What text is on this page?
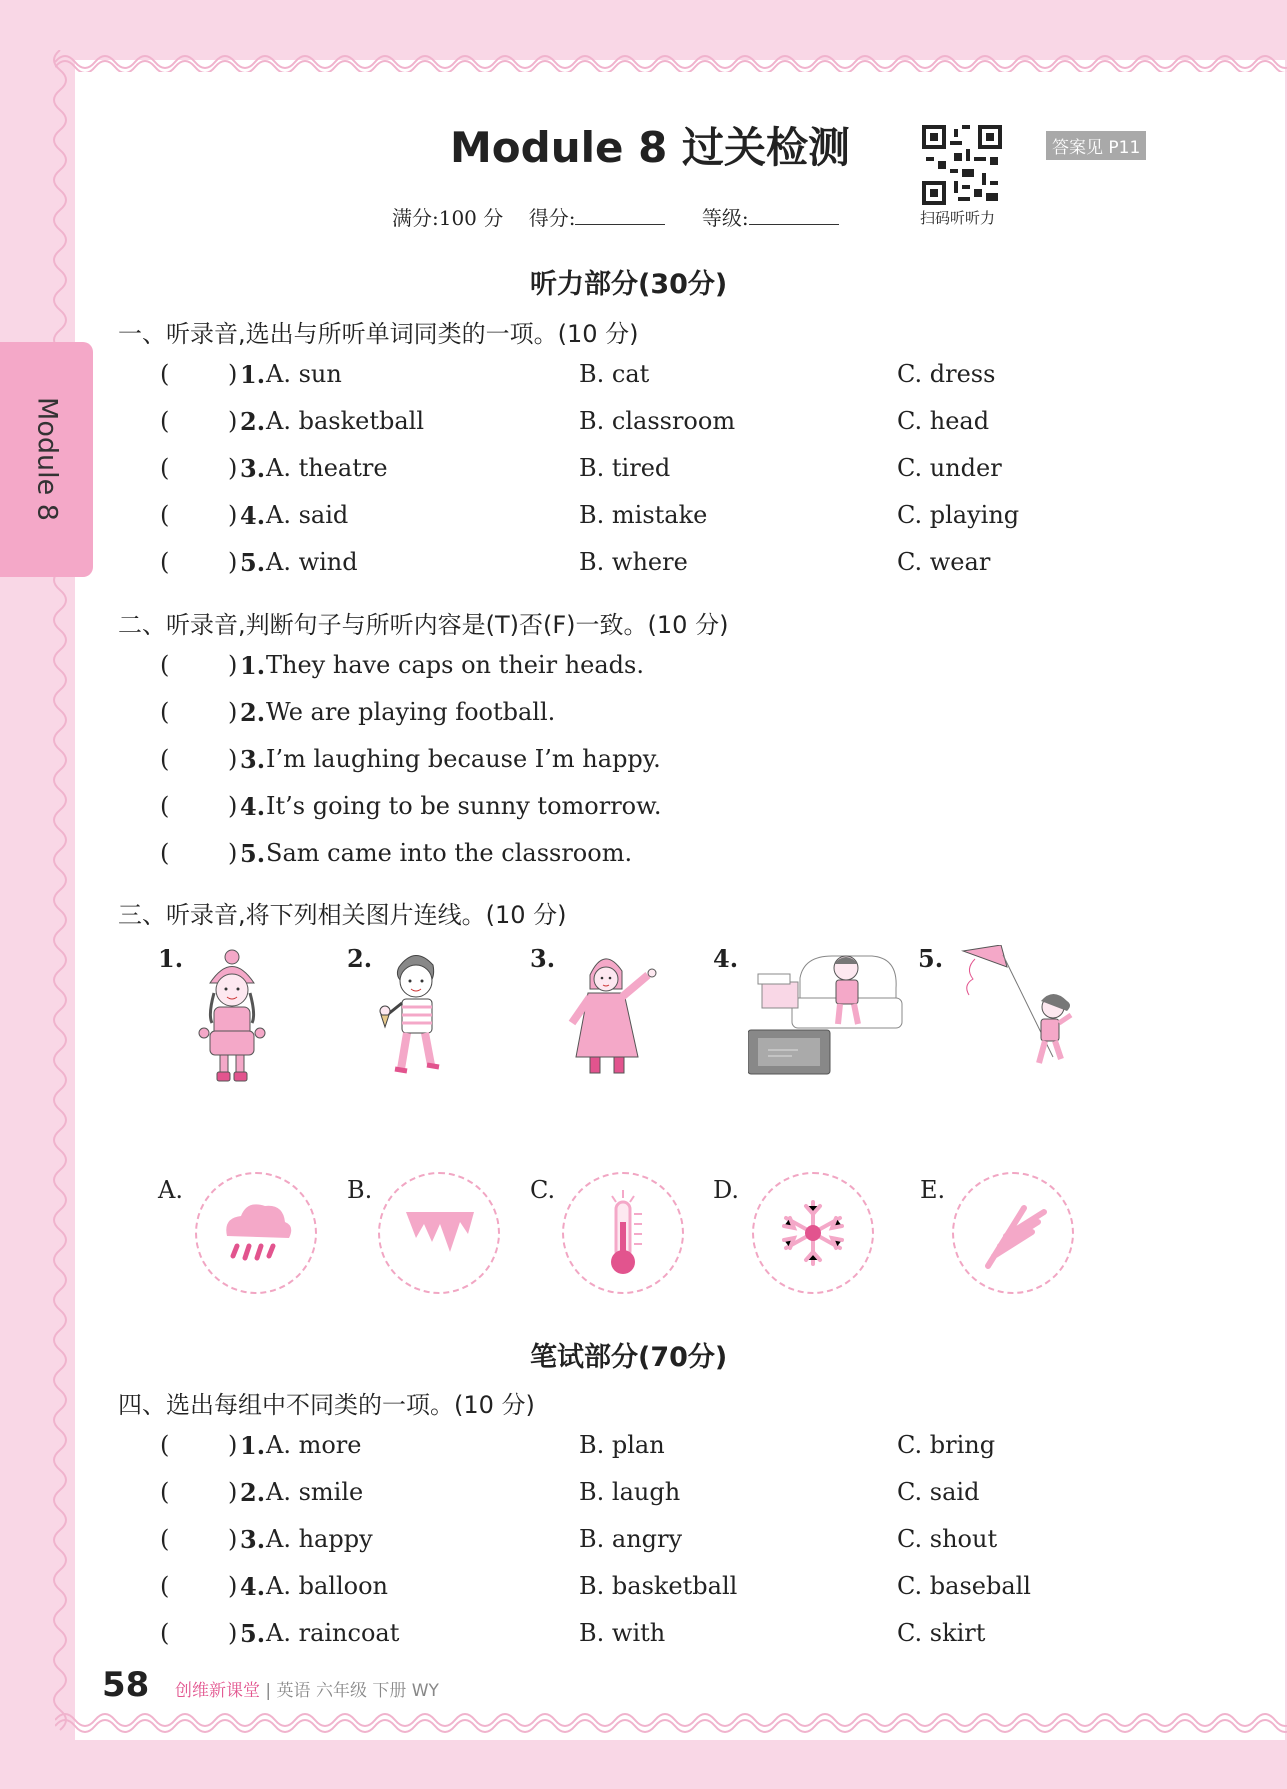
Module 8
Module 8 过关检测
扫码听听力
答案见 P11
满分:100 分 得分:	等级:
听力部分(30分)
一、听录音,选出与所听单词同类的一项。(10 分)
( ) 1. A. sun	B. cat	C. dress
( ) 2. A. basketball	B. classroom	C. head
( ) 3. A. theatre	B. tired	C. under
( ) 4. A. said	B. mistake	C. playing
( ) 5. A. wind	B. where	C. wear
二、听录音,判断句子与所听内容是(T)否(F)一致。(10 分)
( ) 1. They have caps on their heads.
( ) 2. We are playing football.
( ) 3. I’m laughing because I’m happy.
( ) 4. It’s going to be sunny tomorrow.
( ) 5. Sam came into the classroom.
三、听录音,将下列相关图片连线。(10 分)
1.	2.	3.	4.	5.
A.	B.	C.	D.	E.
笔试部分(70分)
四、选出每组中不同类的一项。(10 分)
( ) 1. A. more	B. plan	C. bring
( ) 2. A. smile	B. laugh	C. said
( ) 3. A. happy	B. angry	C. shout
( ) 4. A. balloon	B. basketball	C. baseball
( ) 5. A. raincoat	B. with	C. skirt
58 创维新课堂 | 英语 六年级 下册 WY
